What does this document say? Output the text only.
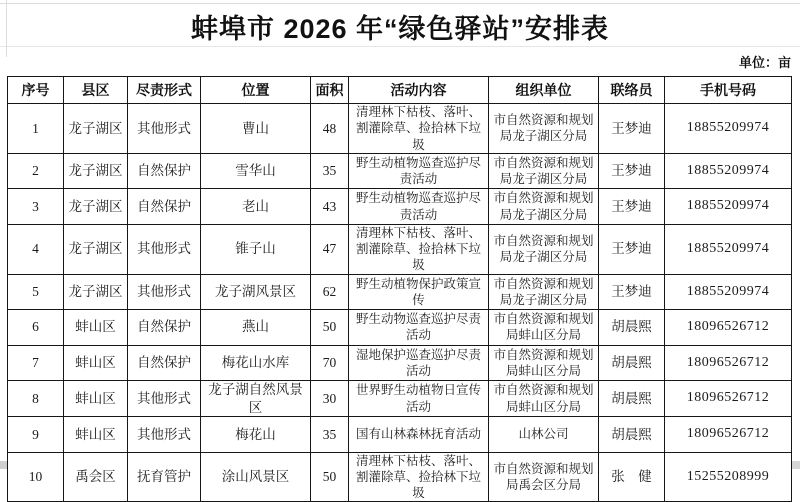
蚌埠市 2026 年“绿色驿站”安排表
单位：亩
序号	县区	尽责形式	位置	面积	活动内容	组织单位	联络员	手机号码
1	龙子湖区	其他形式	曹山	48	清理林下枯枝、落叶、割灌除草、捡拾林下垃圾	市自然资源和规划局龙子湖区分局	王梦迪	18855209974
2	龙子湖区	自然保护	雪华山	35	野生动植物巡查巡护尽责活动	市自然资源和规划局龙子湖区分局	王梦迪	18855209974
3	龙子湖区	自然保护	老山	43	野生动植物巡查巡护尽责活动	市自然资源和规划局龙子湖区分局	王梦迪	18855209974
4	龙子湖区	其他形式	锥子山	47	清理林下枯枝、落叶、割灌除草、捡拾林下垃圾	市自然资源和规划局龙子湖区分局	王梦迪	18855209974
5	龙子湖区	其他形式	龙子湖风景区	62	野生动植物保护政策宣传	市自然资源和规划局龙子湖区分局	王梦迪	18855209974
6	蚌山区	自然保护	燕山	50	野生动物巡查巡护尽责活动	市自然资源和规划局蚌山区分局	胡晨熙	18096526712
7	蚌山区	自然保护	梅花山水库	70	湿地保护巡查巡护尽责活动	市自然资源和规划局蚌山区分局	胡晨熙	18096526712
8	蚌山区	其他形式	龙子湖自然风景区	30	世界野生动植物日宣传活动	市自然资源和规划局蚌山区分局	胡晨熙	18096526712
9	蚌山区	其他形式	梅花山	35	国有山林森林抚育活动	山林公司	胡晨熙	18096526712
10	禹会区	抚育管护	涂山风景区	50	清理林下枯枝、落叶、割灌除草、捡拾林下垃圾	市自然资源和规划局禹会区分局	张　健	15255208999
